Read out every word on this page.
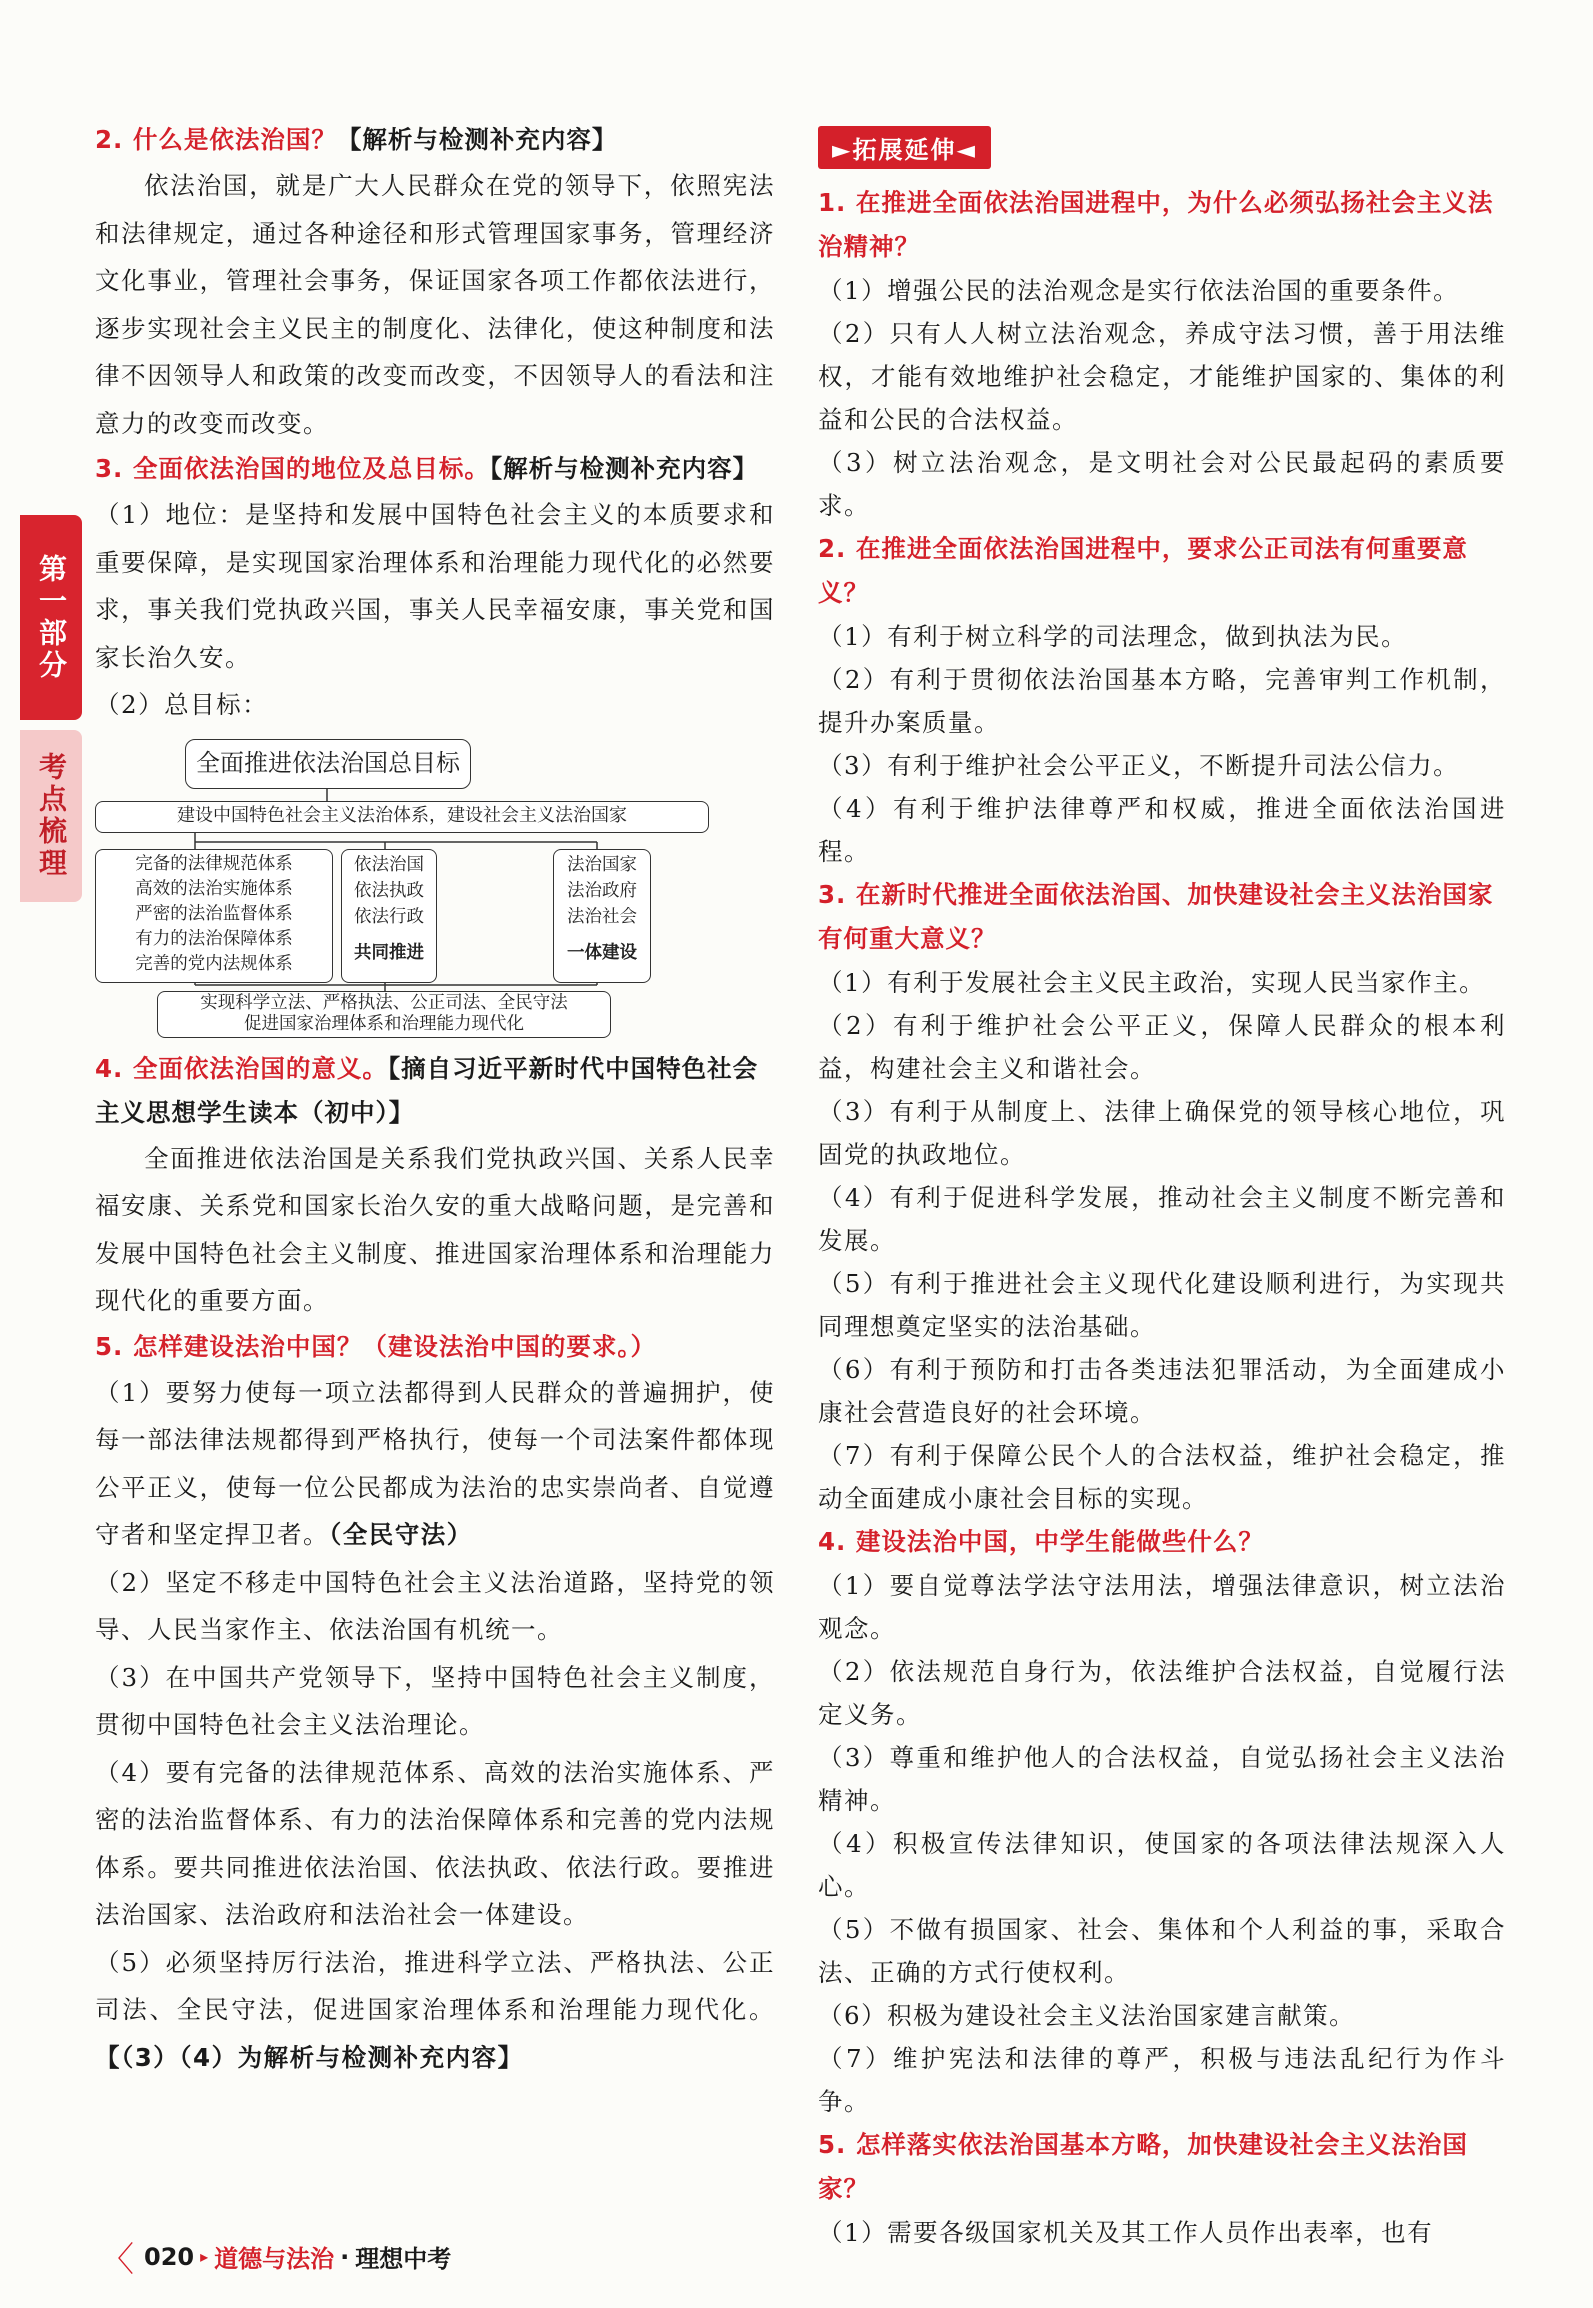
第一部分
考点梳理
2. 什么是依法治国？【解析与检测补充内容】

依法治国，就是广大人民群众在党的领导下，依照宪法和法律规定，通过各种途径和形式管理国家事务，管理经济文化事业，管理社会事务，保证国家各项工作都依法进行，逐步实现社会主义民主的制度化、法律化，使这种制度和法律不因领导人和政策的改变而改变，不因领导人的看法和注意力的改变而改变。

3. 全面依法治国的地位及总目标。【解析与检测补充内容】

（1）地位：是坚持和发展中国特色社会主义的本质要求和重要保障，是实现国家治理体系和治理能力现代化的必然要求，事关我们党执政兴国，事关人民幸福安康，事关党和国家长治久安。

（2）总目标：

全面推进依法治国总目标
建设中国特色社会主义法治体系，建设社会主义法治国家
完备的法律规范体系
高效的法治实施体系
严密的法治监督体系
有力的法治保障体系
完善的党内法规体系
依法治国
依法执政
依法行政
共同推进
法治国家
法治政府
法治社会
一体建设
实现科学立法、严格执法、公正司法、全民守法
促进国家治理体系和治理能力现代化
4. 全面依法治国的意义。【摘自习近平新时代中国特色社会主义思想学生读本（初中）】

全面推进依法治国是关系我们党执政兴国、关系人民幸福安康、关系党和国家长治久安的重大战略问题，是完善和发展中国特色社会主义制度、推进国家治理体系和治理能力现代化的重要方面。

5. 怎样建设法治中国？（建设法治中国的要求。）

（1）要努力使每一项立法都得到人民群众的普遍拥护，使每一部法律法规都得到严格执行，使每一个司法案件都体现公平正义，使每一位公民都成为法治的忠实崇尚者、自觉遵守者和坚定捍卫者。（全民守法）

（2）坚定不移走中国特色社会主义法治道路，坚持党的领导、人民当家作主、依法治国有机统一。

（3）在中国共产党领导下，坚持中国特色社会主义制度，贯彻中国特色社会主义法治理论。

（4）要有完备的法律规范体系、高效的法治实施体系、严密的法治监督体系、有力的法治保障体系和完善的党内法规体系。要共同推进依法治国、依法执政、依法行政。要推进法治国家、法治政府和法治社会一体建设。

（5）必须坚持厉行法治，推进科学立法、严格执法、公正司法、全民守法，促进国家治理体系和治理能力现代化。【（3）（4）为解析与检测补充内容】

►拓展延伸◄
1. 在推进全面依法治国进程中，为什么必须弘扬社会主义法治精神？

（1）增强公民的法治观念是实行依法治国的重要条件。

（2）只有人人树立法治观念，养成守法习惯，善于用法维权，才能有效地维护社会稳定，才能维护国家的、集体的利益和公民的合法权益。

（3）树立法治观念，是文明社会对公民最起码的素质要求。

2. 在推进全面依法治国进程中，要求公正司法有何重要意义？

（1）有利于树立科学的司法理念，做到执法为民。

（2）有利于贯彻依法治国基本方略，完善审判工作机制，提升办案质量。

（3）有利于维护社会公平正义，不断提升司法公信力。

（4）有利于维护法律尊严和权威，推进全面依法治国进程。

3. 在新时代推进全面依法治国、加快建设社会主义法治国家有何重大意义？

（1）有利于发展社会主义民主政治，实现人民当家作主。

（2）有利于维护社会公平正义，保障人民群众的根本利益，构建社会主义和谐社会。

（3）有利于从制度上、法律上确保党的领导核心地位，巩固党的执政地位。

（4）有利于促进科学发展，推动社会主义制度不断完善和发展。

（5）有利于推进社会主义现代化建设顺利进行，为实现共同理想奠定坚实的法治基础。

（6）有利于预防和打击各类违法犯罪活动，为全面建成小康社会营造良好的社会环境。

（7）有利于保障公民个人的合法权益，维护社会稳定，推动全面建成小康社会目标的实现。

4. 建设法治中国，中学生能做些什么？

（1）要自觉尊法学法守法用法，增强法律意识，树立法治观念。

（2）依法规范自身行为，依法维护合法权益，自觉履行法定义务。

（3）尊重和维护他人的合法权益，自觉弘扬社会主义法治精神。

（4）积极宣传法律知识，使国家的各项法律法规深入人心。

（5）不做有损国家、社会、集体和个人利益的事，采取合法、正确的方式行使权利。

（6）积极为建设社会主义法治国家建言献策。

（7）维护宪法和法律的尊严，积极与违法乱纪行为作斗争。

5. 怎样落实依法治国基本方略，加快建设社会主义法治国家？

（1）需要各级国家机关及其工作人员作出表率，也有

〈 020 ▸ 道德与法治 · 理想中考
